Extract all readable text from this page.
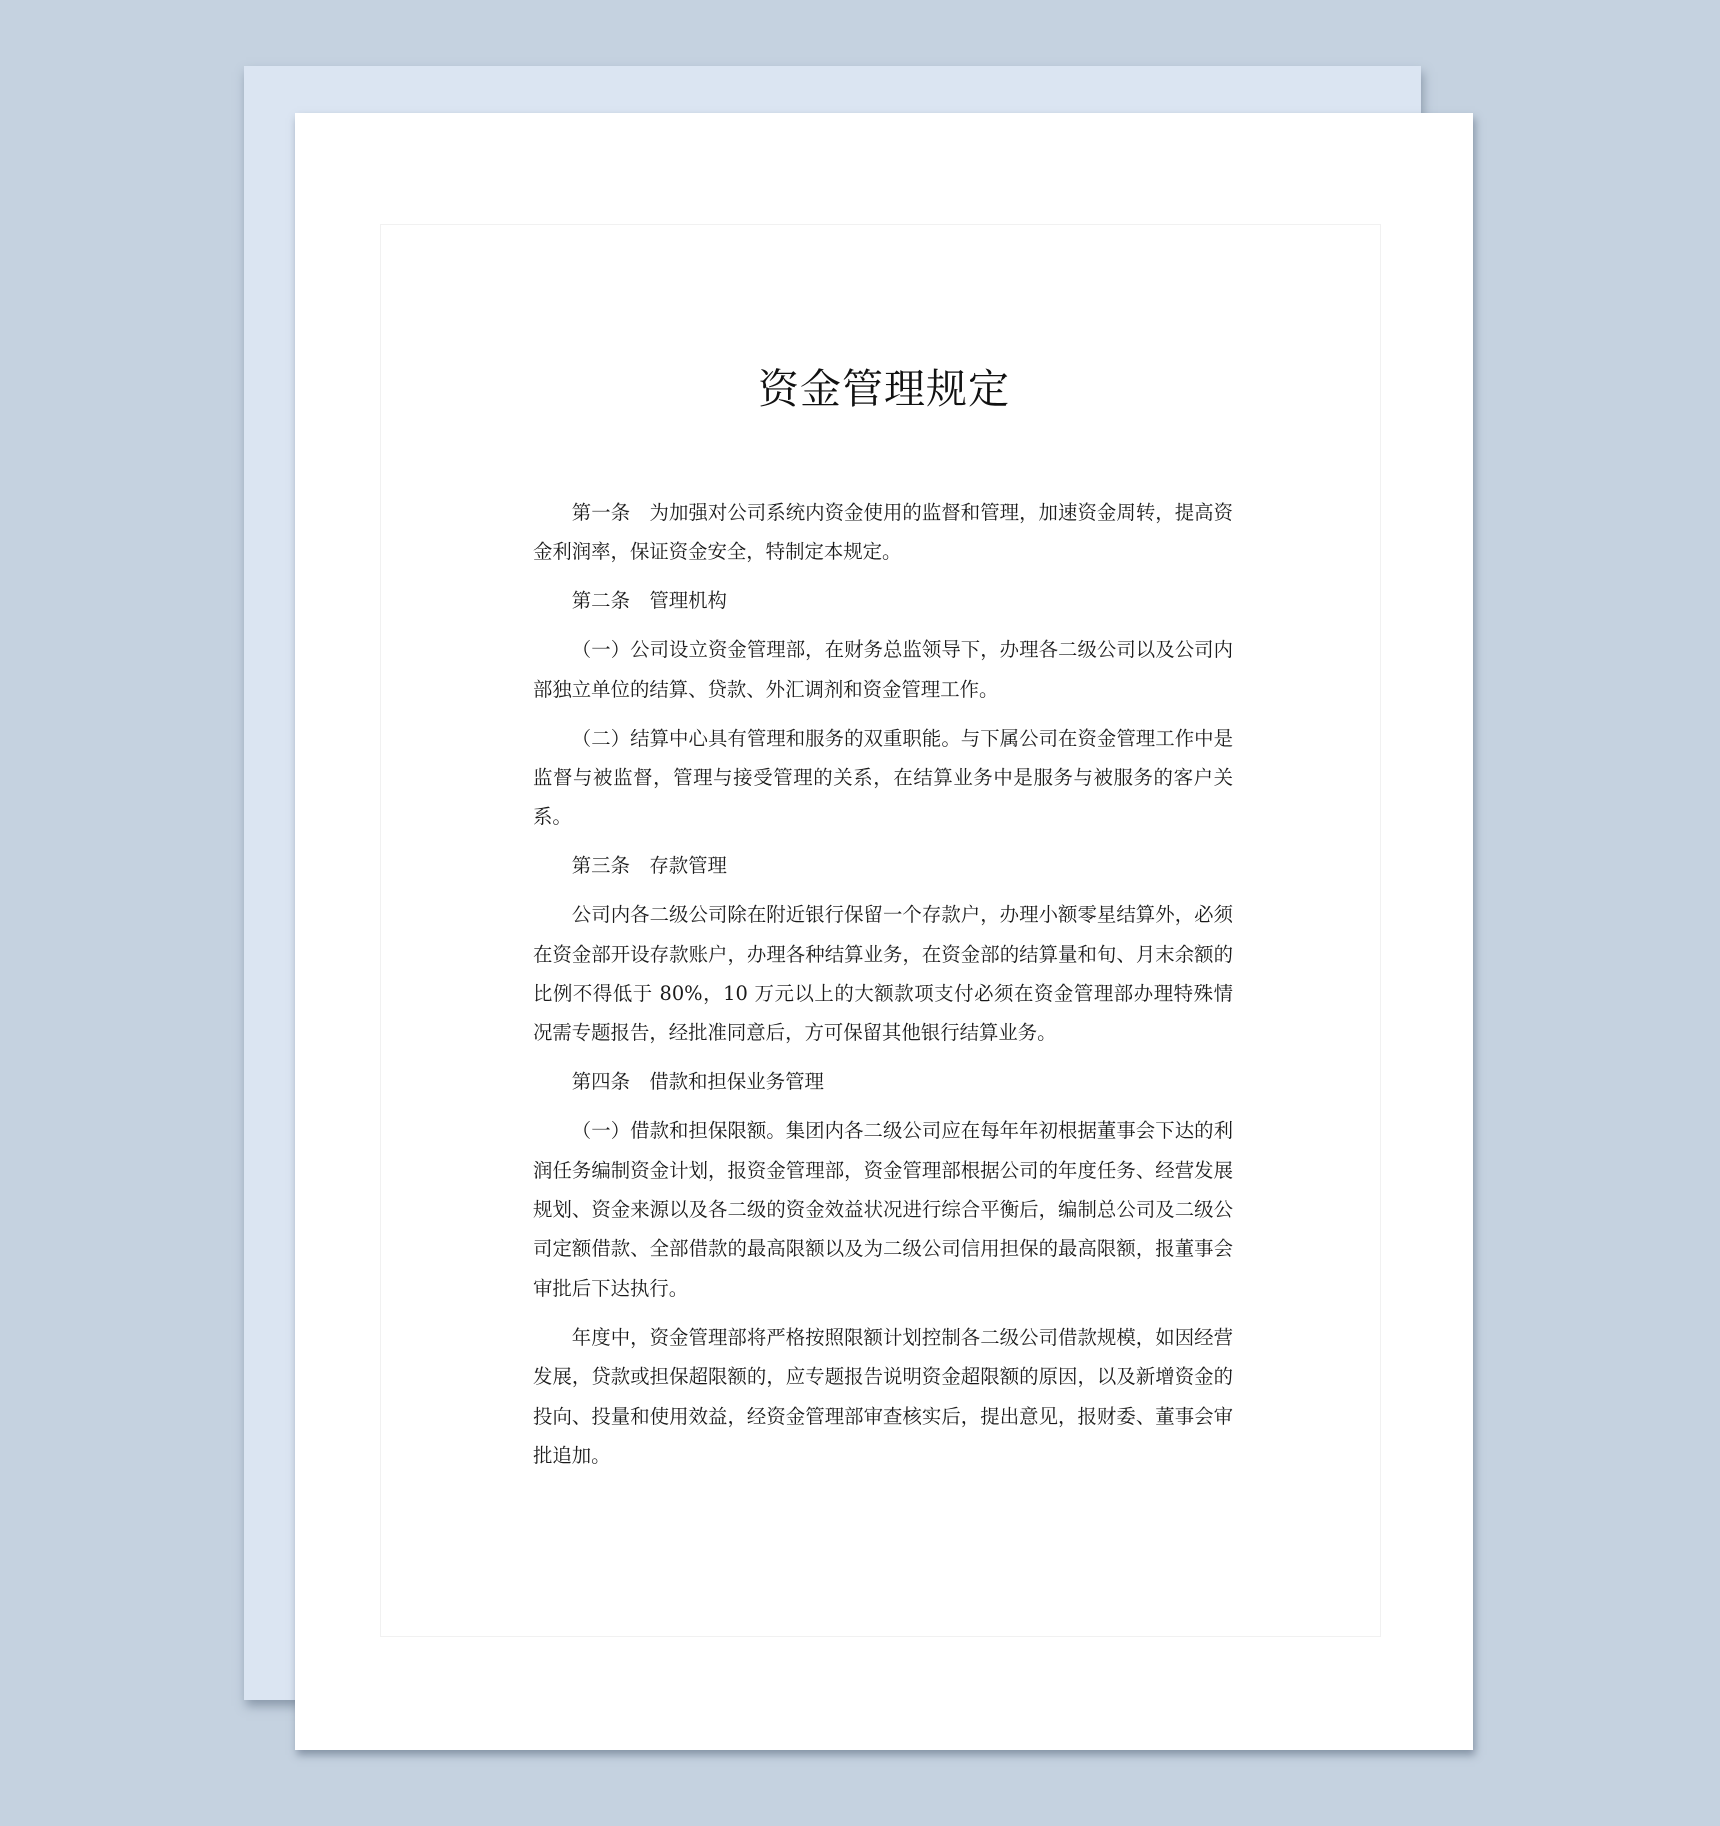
资金管理规定

第一条 为加强对公司系统内资金使用的监督和管理，加速资金周转，提高资金利润率，保证资金安全，特制定本规定。

第二条 管理机构

（一）公司设立资金管理部，在财务总监领导下，办理各二级公司以及公司内部独立单位的结算、贷款、外汇调剂和资金管理工作。

（二）结算中心具有管理和服务的双重职能。与下属公司在资金管理工作中是监督与被监督，管理与接受管理的关系，在结算业务中是服务与被服务的客户关系。

第三条 存款管理

公司内各二级公司除在附近银行保留一个存款户，办理小额零星结算外，必须在资金部开设存款账户，办理各种结算业务，在资金部的结算量和旬、月末余额的比例不得低于 80%，10 万元以上的大额款项支付必须在资金管理部办理特殊情况需专题报告，经批准同意后，方可保留其他银行结算业务。

第四条 借款和担保业务管理

（一）借款和担保限额。集团内各二级公司应在每年年初根据董事会下达的利润任务编制资金计划，报资金管理部，资金管理部根据公司的年度任务、经营发展规划、资金来源以及各二级的资金效益状况进行综合平衡后，编制总公司及二级公司定额借款、全部借款的最高限额以及为二级公司信用担保的最高限额，报董事会审批后下达执行。

年度中，资金管理部将严格按照限额计划控制各二级公司借款规模，如因经营发展，贷款或担保超限额的，应专题报告说明资金超限额的原因，以及新增资金的投向、投量和使用效益，经资金管理部审查核实后，提出意见，报财委、董事会审批追加。
